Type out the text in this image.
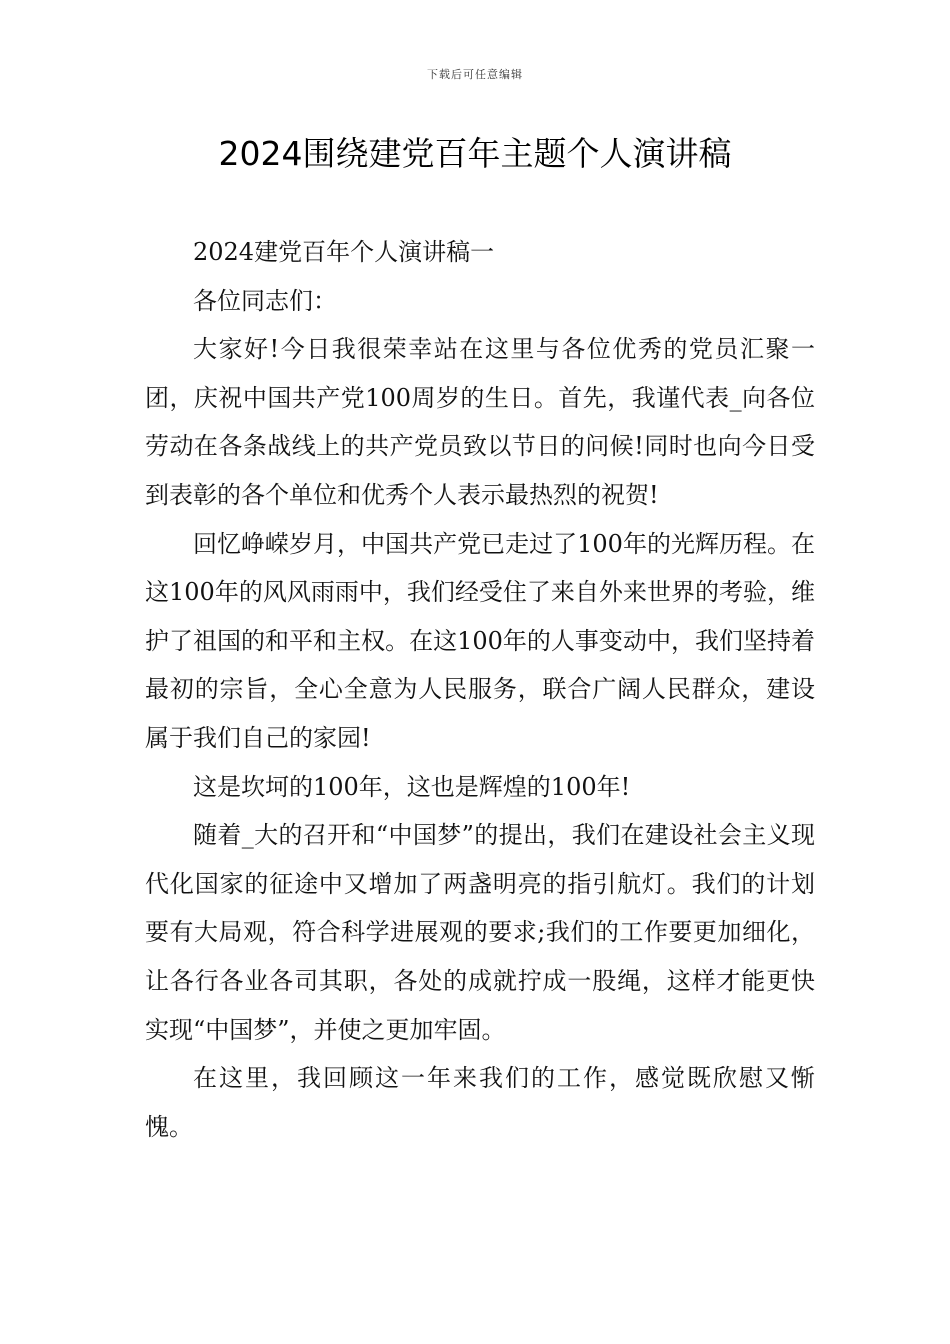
下载后可任意编辑
2024围绕建党百年主题个人演讲稿

2024建党百年个人演讲稿一

各位同志们：

大家好!今日我很荣幸站在这里与各位优秀的党员汇聚一团，庆祝中国共产党100周岁的生日。首先，我谨代表_向各位劳动在各条战线上的共产党员致以节日的问候!同时也向今日受到表彰的各个单位和优秀个人表示最热烈的祝贺!

回忆峥嵘岁月，中国共产党已走过了100年的光辉历程。在这100年的风风雨雨中，我们经受住了来自外来世界的考验，维护了祖国的和平和主权。在这100年的人事变动中，我们坚持着最初的宗旨，全心全意为人民服务，联合广阔人民群众，建设属于我们自己的家园!

这是坎坷的100年，这也是辉煌的100年!

随着_大的召开和“中国梦”的提出，我们在建设社会主义现代化国家的征途中又增加了两盏明亮的指引航灯。我们的计划要有大局观，符合科学进展观的要求;我们的工作要更加细化，让各行各业各司其职，各处的成就拧成一股绳，这样才能更快实现“中国梦”，并使之更加牢固。

在这里，我回顾这一年来我们的工作，感觉既欣慰又惭愧。
